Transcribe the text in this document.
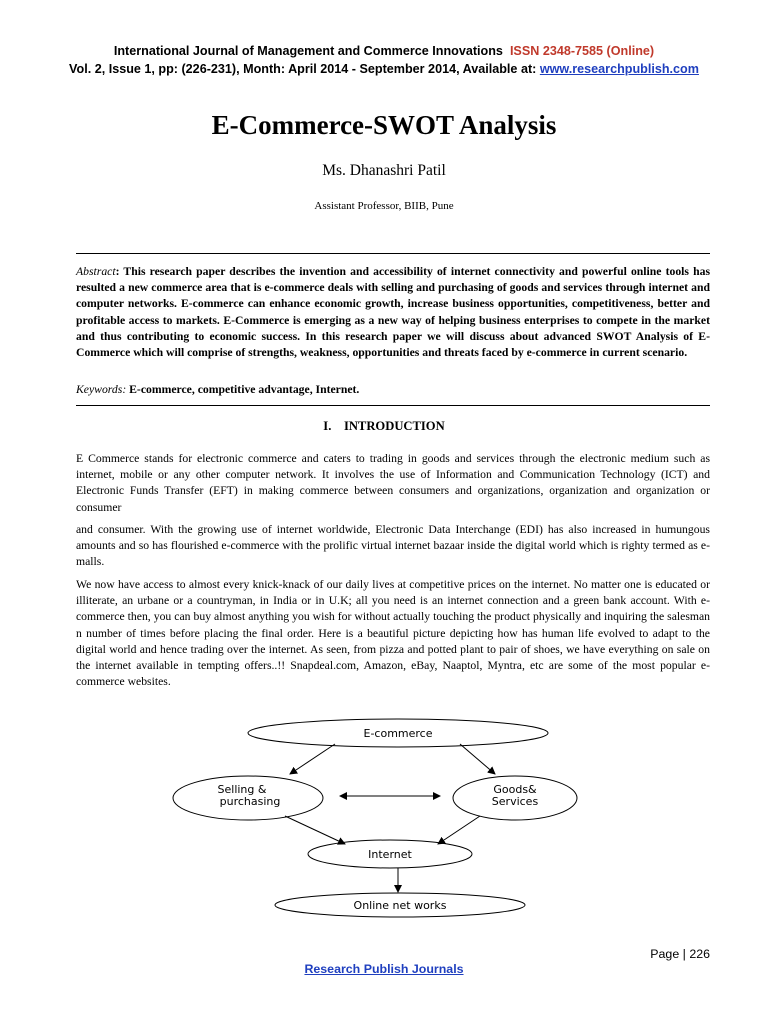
International Journal of Management and Commerce Innovations ISSN 2348-7585 (Online)
Vol. 2, Issue 1, pp: (226-231), Month: April 2014 - September 2014, Available at: www.researchpublish.com
E-Commerce-SWOT Analysis
Ms. Dhanashri Patil
Assistant Professor, BIIB, Pune
Abstract: This research paper describes the invention and accessibility of internet connectivity and powerful online tools has resulted a new commerce area that is e-commerce deals with selling and purchasing of goods and services through internet and computer networks. E-commerce can enhance economic growth, increase business opportunities, competitiveness, better and profitable access to markets. E-Commerce is emerging as a new way of helping business enterprises to compete in the market and thus contributing to economic success. In this research paper we will discuss about advanced SWOT Analysis of E-Commerce which will comprise of strengths, weakness, opportunities and threats faced by e-commerce in current scenario.
Keywords: E-commerce, competitive advantage, Internet.
I.    INTRODUCTION
E Commerce stands for electronic commerce and caters to trading in goods and services through the electronic medium such as internet, mobile or any other computer network. It involves the use of Information and Communication Technology (ICT) and Electronic Funds Transfer (EFT) in making commerce between consumers and organizations, organization and organization or consumer
and consumer. With the growing use of internet worldwide, Electronic Data Interchange (EDI) has also increased in humungous amounts and so has flourished e-commerce with the prolific virtual internet bazaar inside the digital world which is righty termed as e-malls.
We now have access to almost every knick-knack of our daily lives at competitive prices on the internet. No matter one is educated or illiterate, an urbane or a countryman, in India or in U.K; all you need is an internet connection and a green bank account. With e-commerce then, you can buy almost anything you wish for without actually touching the product physically and inquiring the salesman n number of times before placing the final order. Here is a beautiful picture depicting how has human life evolved to adapt to the digital world and hence trading over the internet. As seen, from pizza and potted plant to pair of shoes, we have everything on sale on the internet available in tempting offers..!! Snapdeal.com, Amazon, eBay, Naaptol, Myntra, etc are some of the most popular e-commerce websites.
E-commerce
Selling &
purchasing
Goods&
Services
Internet
Online net works
Page | 226
Research Publish Journals
